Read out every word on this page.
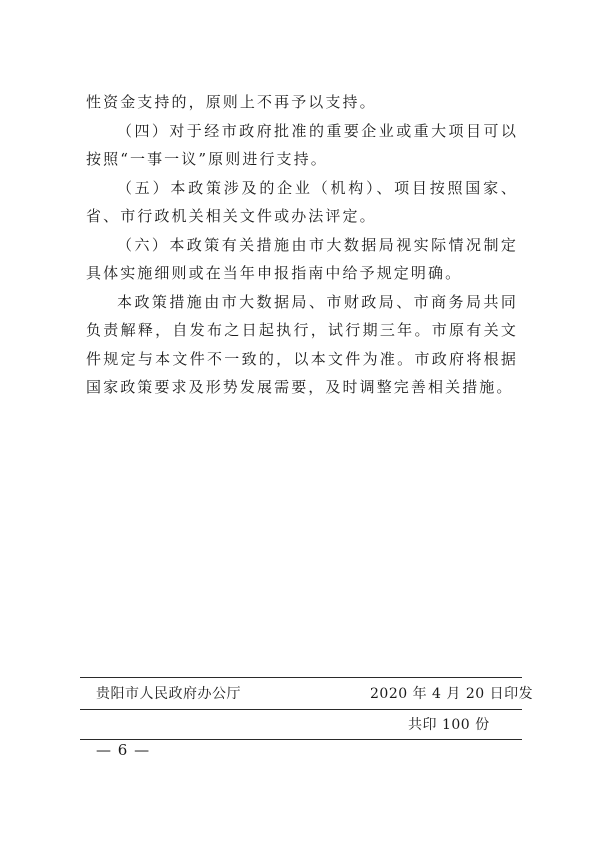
性资金支持的，原则上不再予以支持。

（四）对于经市政府批准的重要企业或重大项目可以按照“一事一议”原则进行支持。

（五）本政策涉及的企业（机构）、项目按照国家、省、市行政机关相关文件或办法评定。

（六）本政策有关措施由市大数据局视实际情况制定具体实施细则或在当年申报指南中给予规定明确。

本政策措施由市大数据局、市财政局、市商务局共同负责解释，自发布之日起执行，试行期三年。市原有关文件规定与本文件不一致的，以本文件为准。市政府将根据国家政策要求及形势发展需要，及时调整完善相关措施。

贵阳市人民政府办公厅	2020 年 4 月 20 日印发
共印 100 份
— 6 —
